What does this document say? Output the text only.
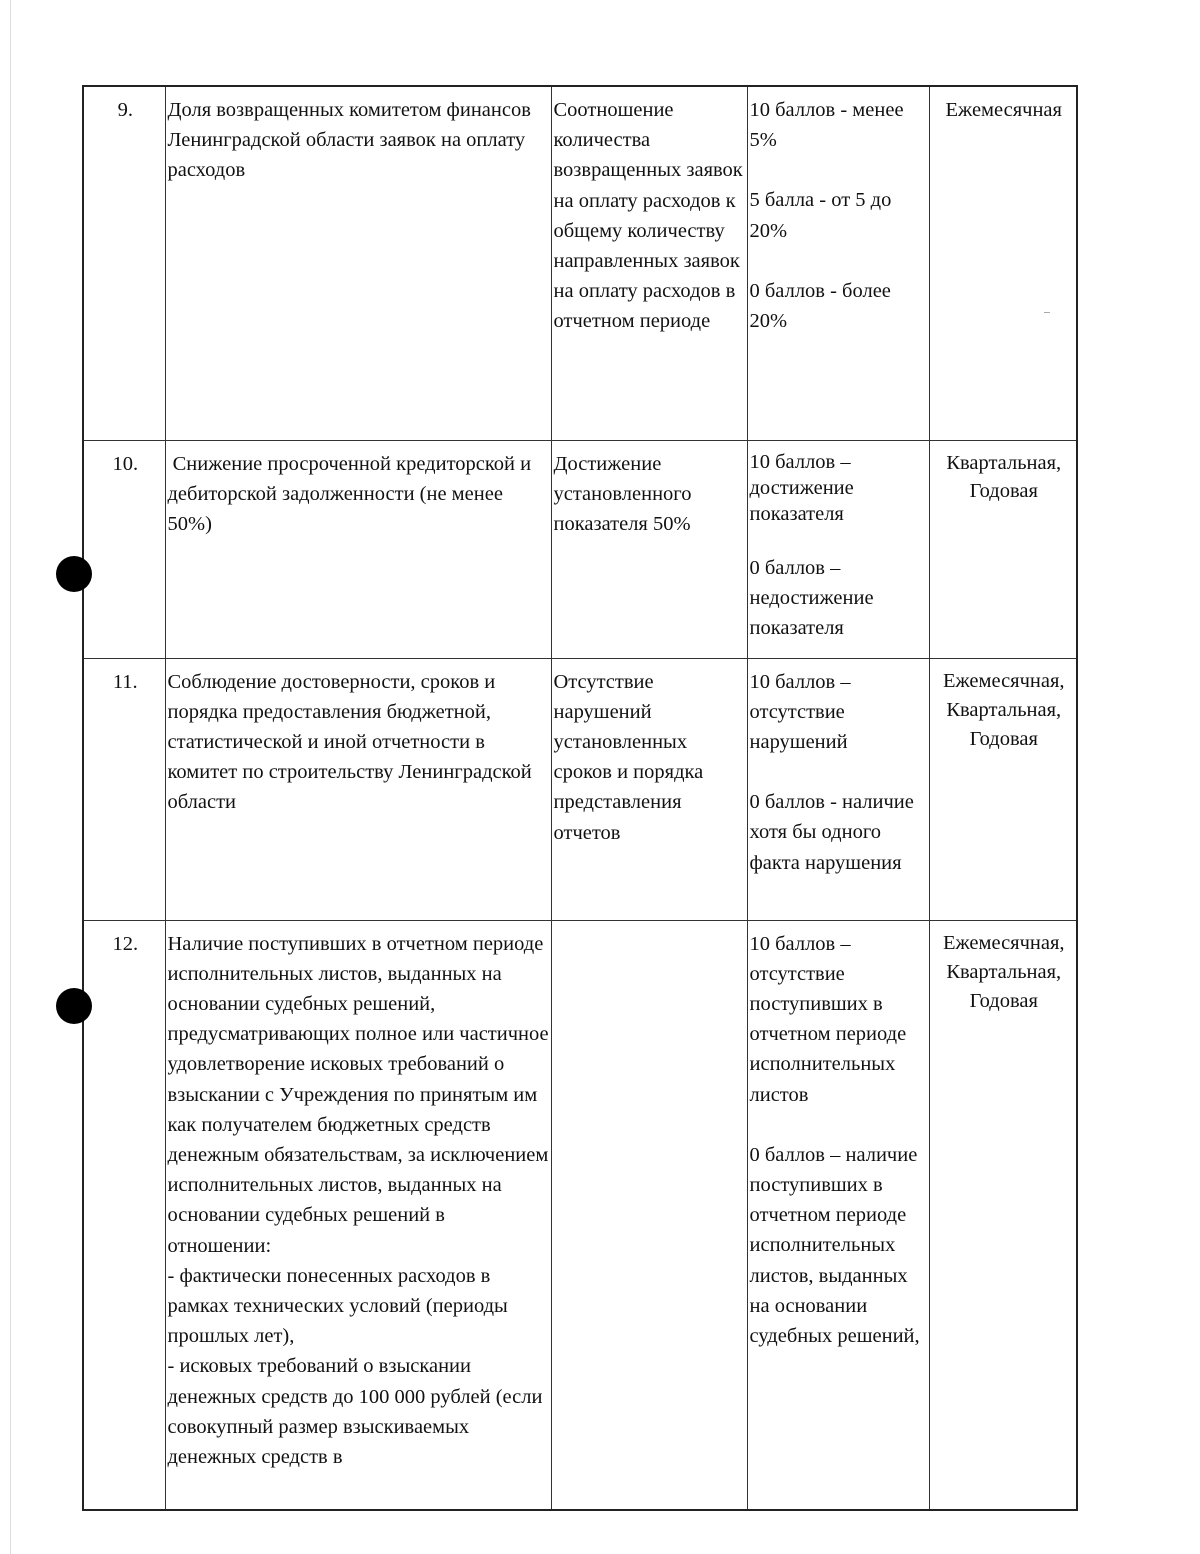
9.	Доля возвращенных комитетом финансов Ленинградской области заявок на оплату расходов	Соотношение количества возвращенных заявок на оплату расходов к общему количеству направленных заявок на оплату расходов в отчетном периоде	10 баллов - менее 5%
5 балла - от 5 до 20%
0 баллов - более 20%	Ежемесячная
10.	Снижение просроченной кредиторской и дебиторской задолженности (не менее 50%)	Достижение установленного показателя 50%	10 баллов – достижение показателя
0 баллов – недостижение показателя	Квартальная, Годовая
11.	Соблюдение достоверности, сроков и порядка предоставления бюджетной, статистической и иной отчетности в комитет по строительству Ленинградской области	Отсутствие нарушений установленных сроков и порядка представления отчетов	10 баллов – отсутствие нарушений
0 баллов - наличие хотя бы одного факта нарушения	Ежемесячная, Квартальная, Годовая
12.	Наличие поступивших в отчетном периоде исполнительных листов, выданных на основании судебных решений, предусматривающих полное или частичное удовлетворение исковых требований о взыскании с Учреждения по принятым им как получателем бюджетных средств денежным обязательствам, за исключением исполнительных листов, выданных на основании судебных решений в отношении:
- фактически понесенных расходов в рамках технических условий (периоды прошлых лет),
- исковых требований о взыскании денежных средств до 100 000 рублей (если совокупный размер взыскиваемых денежных средств в		10 баллов – отсутствие поступивших в отчетном периоде исполнительных листов
0 баллов – наличие поступивших в отчетном периоде исполнительных листов, выданных на основании судебных решений,	Ежемесячная, Квартальная, Годовая
